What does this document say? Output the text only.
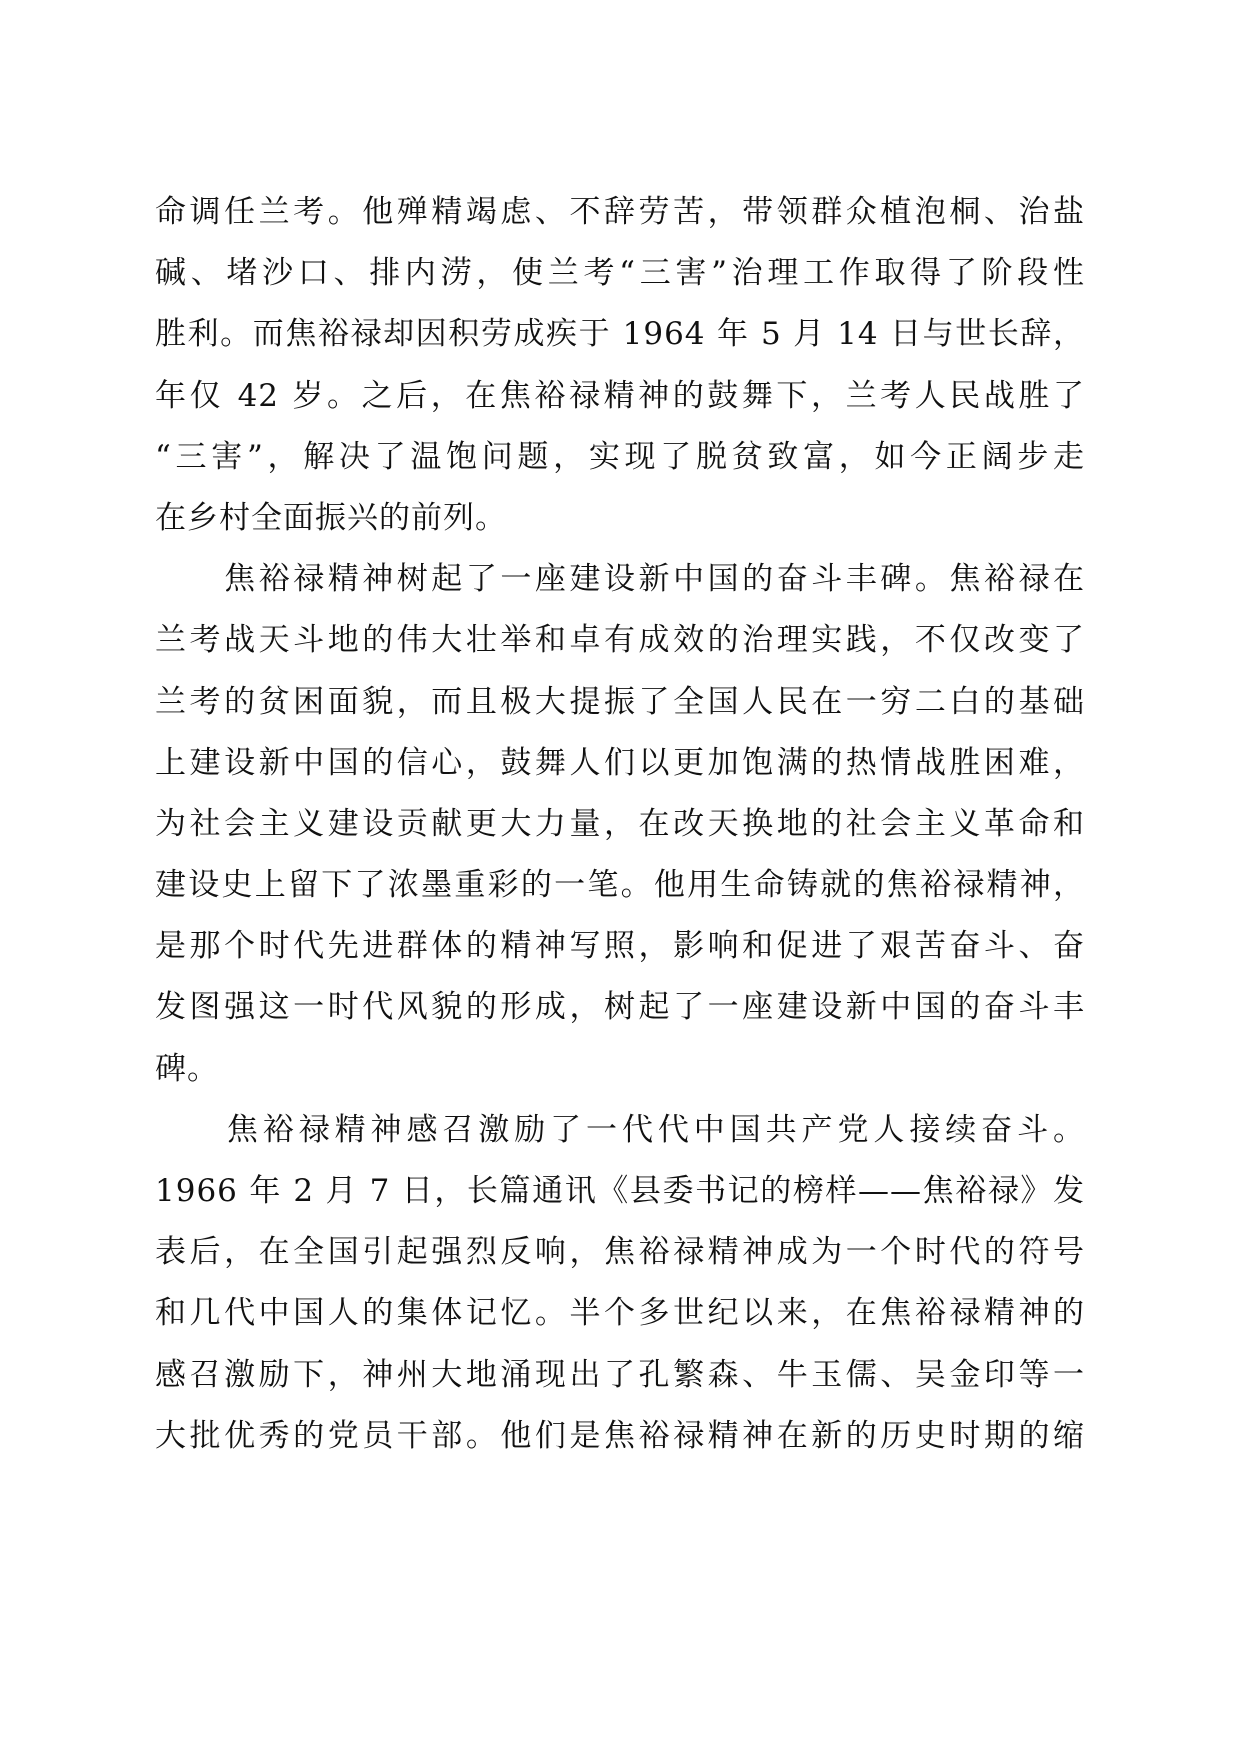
命调任兰考。他殚精竭虑、不辞劳苦，带领群众植泡桐、治盐
碱、堵沙口、排内涝，使兰考“三害”治理工作取得了阶段性
胜利。而焦裕禄却因积劳成疾于 1964 年 5 月 14 日与世长辞，
年仅 42 岁。之后，在焦裕禄精神的鼓舞下，兰考人民战胜了
“三害”，解决了温饱问题，实现了脱贫致富，如今正阔步走
在乡村全面振兴的前列。
　　焦裕禄精神树起了一座建设新中国的奋斗丰碑。焦裕禄在
兰考战天斗地的伟大壮举和卓有成效的治理实践，不仅改变了
兰考的贫困面貌，而且极大提振了全国人民在一穷二白的基础
上建设新中国的信心，鼓舞人们以更加饱满的热情战胜困难，
为社会主义建设贡献更大力量，在改天换地的社会主义革命和
建设史上留下了浓墨重彩的一笔。他用生命铸就的焦裕禄精神，
是那个时代先进群体的精神写照，影响和促进了艰苦奋斗、奋
发图强这一时代风貌的形成，树起了一座建设新中国的奋斗丰
碑。
　　焦裕禄精神感召激励了一代代中国共产党人接续奋斗。
1966 年 2 月 7 日，长篇通讯《县委书记的榜样——焦裕禄》发
表后，在全国引起强烈反响，焦裕禄精神成为一个时代的符号
和几代中国人的集体记忆。半个多世纪以来，在焦裕禄精神的
感召激励下，神州大地涌现出了孔繁森、牛玉儒、吴金印等一
大批优秀的党员干部。他们是焦裕禄精神在新的历史时期的缩
